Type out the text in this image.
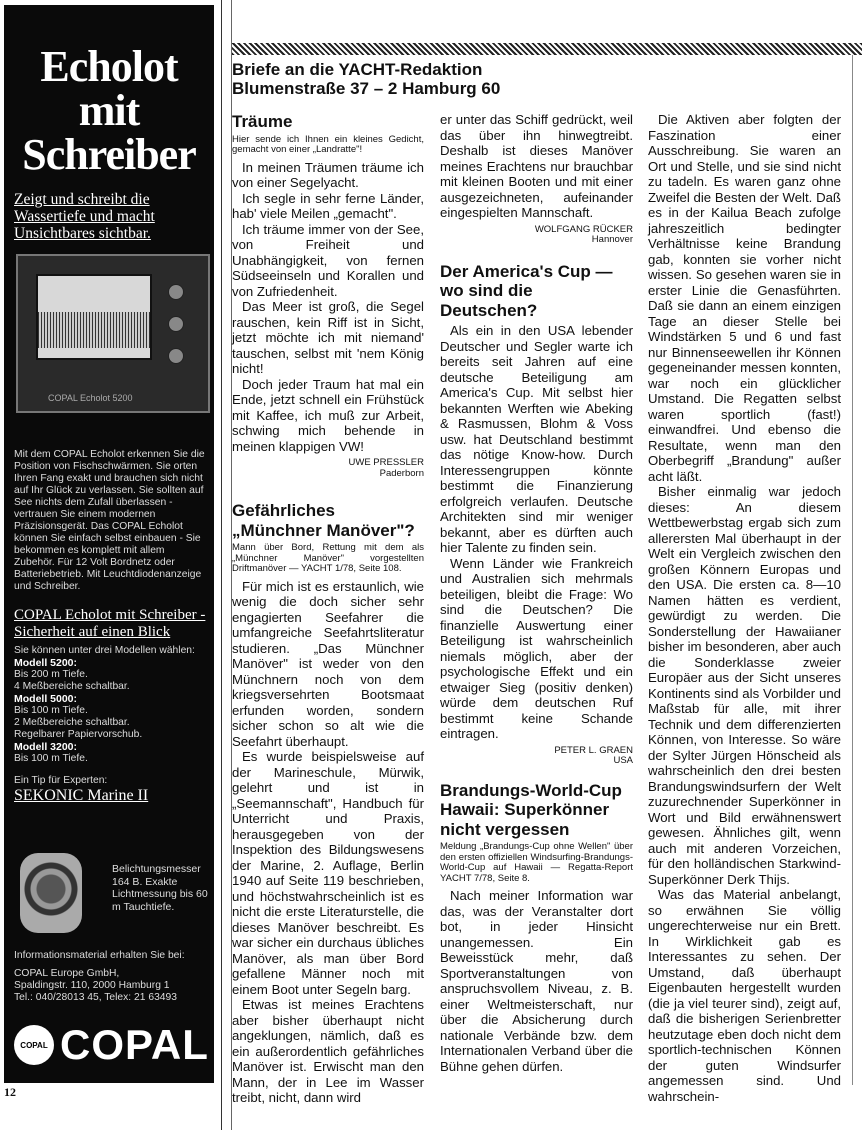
Echolot
mit
Schreiber
Zeigt und schreibt die Wassertiefe und macht Unsichtbares sichtbar.
COPAL Echolot 5200

Mit dem COPAL Echolot erkennen Sie die Position von Fischschwärmen. Sie orten Ihren Fang exakt und brauchen sich nicht auf Ihr Glück zu verlassen. Sie sollten auf See nichts dem Zufall überlassen - vertrauen Sie einem modernen Präzisionsgerät. Das COPAL Echolot können Sie einfach selbst einbauen - Sie bekommen es komplett mit allem Zubehör. Für 12 Volt Bordnetz oder Batteriebetrieb. Mit Leuchtdiodenanzeige und Schreiber.

COPAL Echolot mit Schreiber - Sicherheit auf einen Blick

Sie können unter drei Modellen wählen:

Modell 5200:

Bis 200 m Tiefe.

4 Meßbereiche schaltbar.

Modell 5000:

Bis 100 m Tiefe.

2 Meßbereiche schaltbar.

Regelbarer Papiervorschub.

Modell 3200:

Bis 100 m Tiefe.

Ein Tip für Experten:

SEKONIC Marine II
Belichtungsmesser 164 B. Exakte Lichtmessung bis 60 m Tauchtiefe.

Informationsmaterial erhalten Sie bei:

COPAL Europe GmbH,

Spaldingstr. 110, 2000 Hamburg 1

Tel.: 040/28013 45, Telex: 21 63493

COPAL COPAL
12
Briefe an die YACHT-Redaktion
Blumenstraße 37 – 2 Hamburg 60
Träume

Hier sende ich Ihnen ein kleines Gedicht, gemacht von einer „Landratte"!

In meinen Träumen träume ich von einer Segelyacht.

Ich segle in sehr ferne Länder, hab' viele Meilen „gemacht".

Ich träume immer von der See, von Freiheit und Unabhängigkeit, von fernen Südseeinseln und Korallen und von Zufriedenheit.

Das Meer ist groß, die Segel rauschen, kein Riff ist in Sicht, jetzt möchte ich mit niemand' tauschen, selbst mit 'nem König nicht!

Doch jeder Traum hat mal ein Ende, jetzt schnell ein Frühstück mit Kaffee, ich muß zur Arbeit, schwing mich behende in meinen klappigen VW!

UWE PRESSLER
Paderborn

Gefährliches „Münchner Manöver"?

Mann über Bord, Rettung mit dem als „Münchner Manöver" vorgestellten Driftmanöver — YACHT 1/78, Seite 108.

Für mich ist es erstaunlich, wie wenig die doch sicher sehr engagierten Seefahrer die umfangreiche Seefahrtsliteratur studieren. „Das Münchner Manöver" ist weder von den Münchnern noch von dem kriegsversehrten Bootsmaat erfunden worden, sondern sicher schon so alt wie die Seefahrt überhaupt.

Es wurde beispielsweise auf der Marineschule, Mürwik, gelehrt und ist in „Seemannschaft", Handbuch für Unterricht und Praxis, herausgegeben von der Inspektion des Bildungswesens der Marine, 2. Auflage, Berlin 1940 auf Seite 119 beschrieben, und höchstwahrscheinlich ist es nicht die erste Literaturstelle, die dieses Manöver beschreibt. Es war sicher ein durchaus übliches Manöver, als man über Bord gefallene Männer noch mit einem Boot unter Segeln barg.

Etwas ist meines Erachtens aber bisher überhaupt nicht angeklungen, nämlich, daß es ein außerordentlich gefährliches Manöver ist. Erwischt man den Mann, der in Lee im Wasser treibt, nicht, dann wird

er unter das Schiff gedrückt, weil das über ihn hinwegtreibt. Deshalb ist dieses Manöver meines Erachtens nur brauchbar mit kleinen Booten und mit einer ausgezeichneten, aufeinander eingespielten Mannschaft.

WOLFGANG RÜCKER
Hannover

Der America's Cup — wo sind die Deutschen?

Als ein in den USA lebender Deutscher und Segler warte ich bereits seit Jahren auf eine deutsche Beteiligung am America's Cup. Mit selbst hier bekannten Werften wie Abeking & Rasmussen, Blohm & Voss usw. hat Deutschland bestimmt das nötige Know-how. Durch Interessengruppen könnte bestimmt die Finanzierung erfolgreich verlaufen. Deutsche Architekten sind mir weniger bekannt, aber es dürften auch hier Talente zu finden sein.

Wenn Länder wie Frankreich und Australien sich mehrmals beteiligen, bleibt die Frage: Wo sind die Deutschen? Die finanzielle Auswertung einer Beteiligung ist wahrscheinlich niemals möglich, aber der psychologische Effekt und ein etwaiger Sieg (positiv denken) würde dem deutschen Ruf bestimmt keine Schande eintragen.

PETER L. GRAEN
USA

Brandungs-World-Cup Hawaii: Superkönner nicht vergessen

Meldung „Brandungs-Cup ohne Wellen" über den ersten offiziellen Windsurfing-Brandungs-World-Cup auf Hawaii — Regatta-Report YACHT 7/78, Seite 8.

Nach meiner Information war das, was der Veranstalter dort bot, in jeder Hinsicht unangemessen. Ein Beweisstück mehr, daß Sportveranstaltungen von anspruchsvollem Niveau, z. B. einer Weltmeisterschaft, nur über die Absicherung durch nationale Verbände bzw. dem Internationalen Verband über die Bühne gehen dürfen.

Die Aktiven aber folgten der Faszination einer Ausschreibung. Sie waren an Ort und Stelle, und sie sind nicht zu tadeln. Es waren ganz ohne Zweifel die Besten der Welt. Daß es in der Kailua Beach zufolge jahreszeitlich bedingter Verhältnisse keine Brandung gab, konnten sie vorher nicht wissen. So gesehen waren sie in erster Linie die Genasführten. Daß sie dann an einem einzigen Tage an dieser Stelle bei Windstärken 5 und 6 und fast nur Binnenseewellen ihr Können gegeneinander messen konnten, war noch ein glücklicher Umstand. Die Regatten selbst waren sportlich (fast!) einwandfrei. Und ebenso die Resultate, wenn man den Oberbegriff „Brandung" außer acht läßt.

Bisher einmalig war jedoch dieses: An diesem Wettbewerbstag ergab sich zum allerersten Mal überhaupt in der Welt ein Vergleich zwischen den großen Könnern Europas und den USA. Die ersten ca. 8—10 Namen hätten es verdient, gewürdigt zu werden. Die Sonderstellung der Hawaiianer bisher im besonderen, aber auch die Sonderklasse zweier Europäer aus der Sicht unseres Kontinents sind als Vorbilder und Maßstab für alle, mit ihrer Technik und dem differenzierten Können, von Interesse. So wäre der Sylter Jürgen Hönscheid als wahrscheinlich den drei besten Brandungswindsurfern der Welt zuzurechnender Superkönner in Wort und Bild erwähnenswert gewesen. Ähnliches gilt, wenn auch mit anderen Vorzeichen, für den holländischen Starkwind-Superkönner Derk Thijs.

Was das Material anbelangt, so erwähnen Sie völlig ungerechterweise nur ein Brett. In Wirklichkeit gab es Interessantes zu sehen. Der Umstand, daß überhaupt Eigenbauten hergestellt wurden (die ja viel teurer sind), zeigt auf, daß die bisherigen Serienbretter heutzutage eben doch nicht dem sportlich-technischen Können der guten Windsurfer angemessen sind. Und wahrschein-
